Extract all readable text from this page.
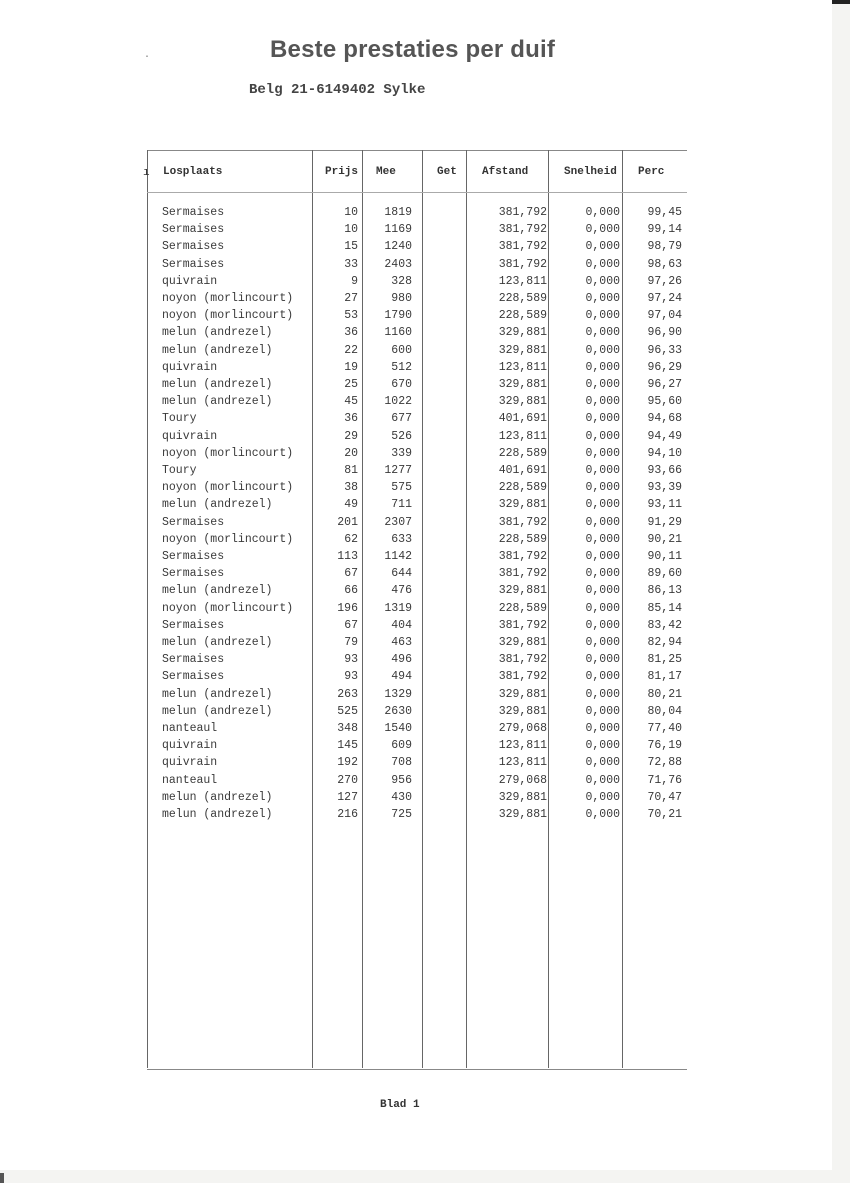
·	Beste prestaties per duif
Belg 21-6149402 Sylke
ı Losplaats	Prijs Mee	Get Afstand	Snelheid Perc
Sermaises	10	1819	381,792	0,000	99,45
Sermaises	10	1169	381,792	0,000	99,14
Sermaises	15	1240	381,792	0,000	98,79
Sermaises	33	2403	381,792	0,000	98,63
quivrain	9	328	123,811	0,000	97,26
noyon (morlincourt)	27	980	228,589	0,000	97,24
noyon (morlincourt)	53	1790	228,589	0,000	97,04
melun (andrezel)	36	1160	329,881	0,000	96,90
melun (andrezel)	22	600	329,881	0,000	96,33
quivrain	19	512	123,811	0,000	96,29
melun (andrezel)	25	670	329,881	0,000	96,27
melun (andrezel)	45	1022	329,881	0,000	95,60
Toury	36	677	401,691	0,000	94,68
quivrain	29	526	123,811	0,000	94,49
noyon (morlincourt)	20	339	228,589	0,000	94,10
Toury	81	1277	401,691	0,000	93,66
noyon (morlincourt)	38	575	228,589	0,000	93,39
melun (andrezel)	49	711	329,881	0,000	93,11
Sermaises	201	2307	381,792	0,000	91,29
noyon (morlincourt)	62	633	228,589	0,000	90,21
Sermaises	113	1142	381,792	0,000	90,11
Sermaises	67	644	381,792	0,000	89,60
melun (andrezel)	66	476	329,881	0,000	86,13
noyon (morlincourt)	196	1319	228,589	0,000	85,14
Sermaises	67	404	381,792	0,000	83,42
melun (andrezel)	79	463	329,881	0,000	82,94
Sermaises	93	496	381,792	0,000	81,25
Sermaises	93	494	381,792	0,000	81,17
melun (andrezel)	263	1329	329,881	0,000	80,21
melun (andrezel)	525	2630	329,881	0,000	80,04
nanteaul	348	1540	279,068	0,000	77,40
quivrain	145	609	123,811	0,000	76,19
quivrain	192	708	123,811	0,000	72,88
nanteaul	270	956	279,068	0,000	71,76
melun (andrezel)	127	430	329,881	0,000	70,47
melun (andrezel)	216	725	329,881	0,000	70,21
Blad 1
